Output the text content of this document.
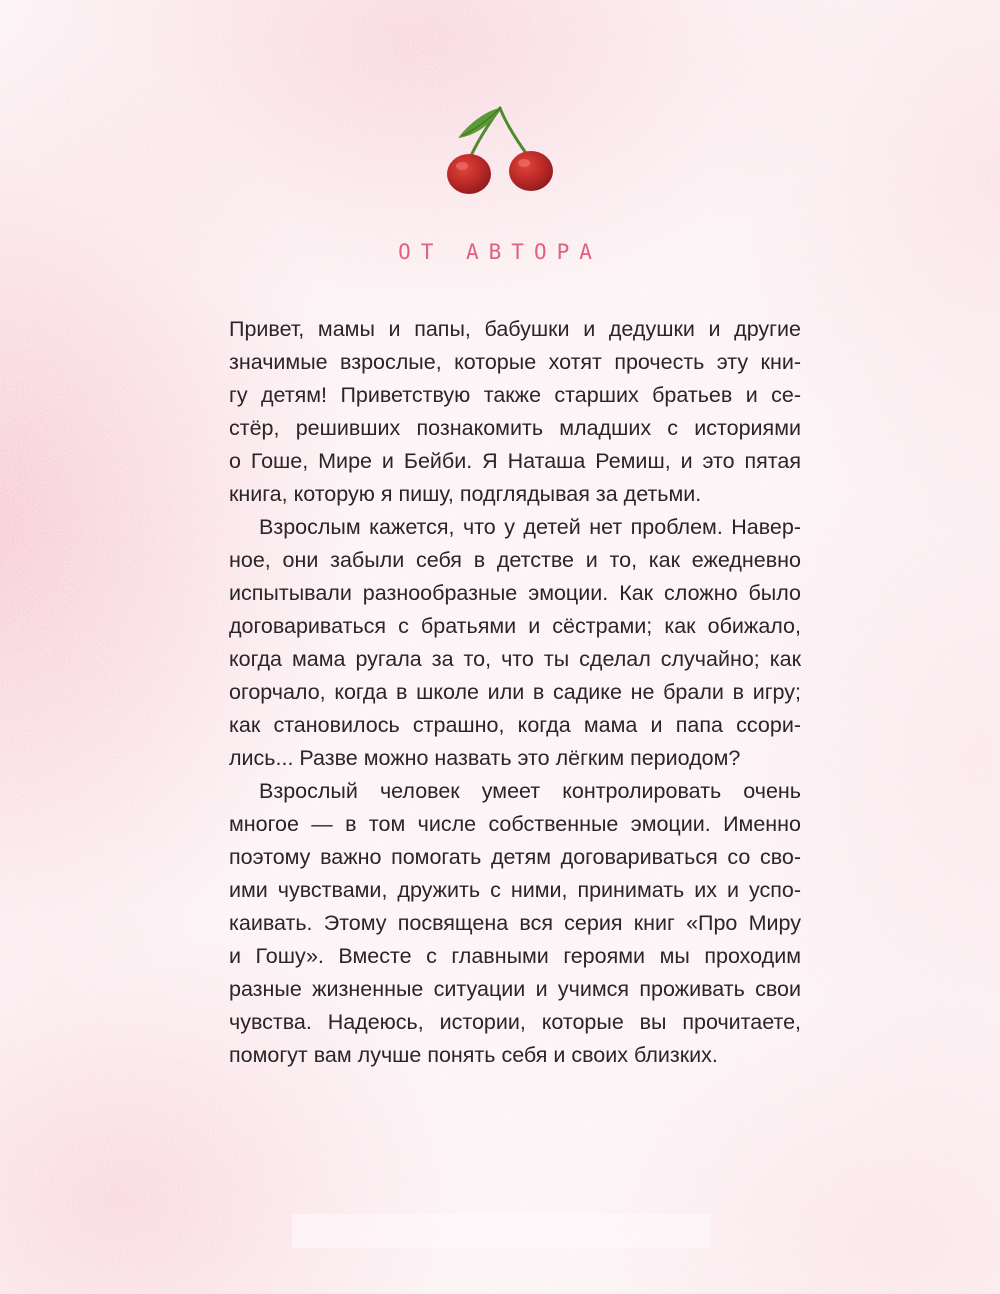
ОТ АВТОРА
Привет, мамы и папы, бабушки и дедушки и другие
значимые взрослые, которые хотят прочесть эту кни-
гу детям! Приветствую также старших братьев и се-
стёр, решивших познакомить младших с историями
о Гоше, Мире и Бейби. Я Наташа Ремиш, и это пятая
книга, которую я пишу, подглядывая за детьми.
Взрослым кажется, что у детей нет проблем. Навер-
ное, они забыли себя в детстве и то, как ежедневно
испытывали разнообразные эмоции. Как сложно было
договариваться с братьями и сёстрами; как обижало,
когда мама ругала за то, что ты сделал случайно; как
огорчало, когда в школе или в садике не брали в игру;
как становилось страшно, когда мама и папа ссори-
лись... Разве можно назвать это лёгким периодом?
Взрослый человек умеет контролировать очень
многое — в том числе собственные эмоции. Именно
поэтому важно помогать детям договариваться со сво-
ими чувствами, дружить с ними, принимать их и успо-
каивать. Этому посвящена вся серия книг «Про Миру
и Гошу». Вместе с главными героями мы проходим
разные жизненные ситуации и учимся проживать свои
чувства. Надеюсь, истории, которые вы прочитаете,
помогут вам лучше понять себя и своих близких.
